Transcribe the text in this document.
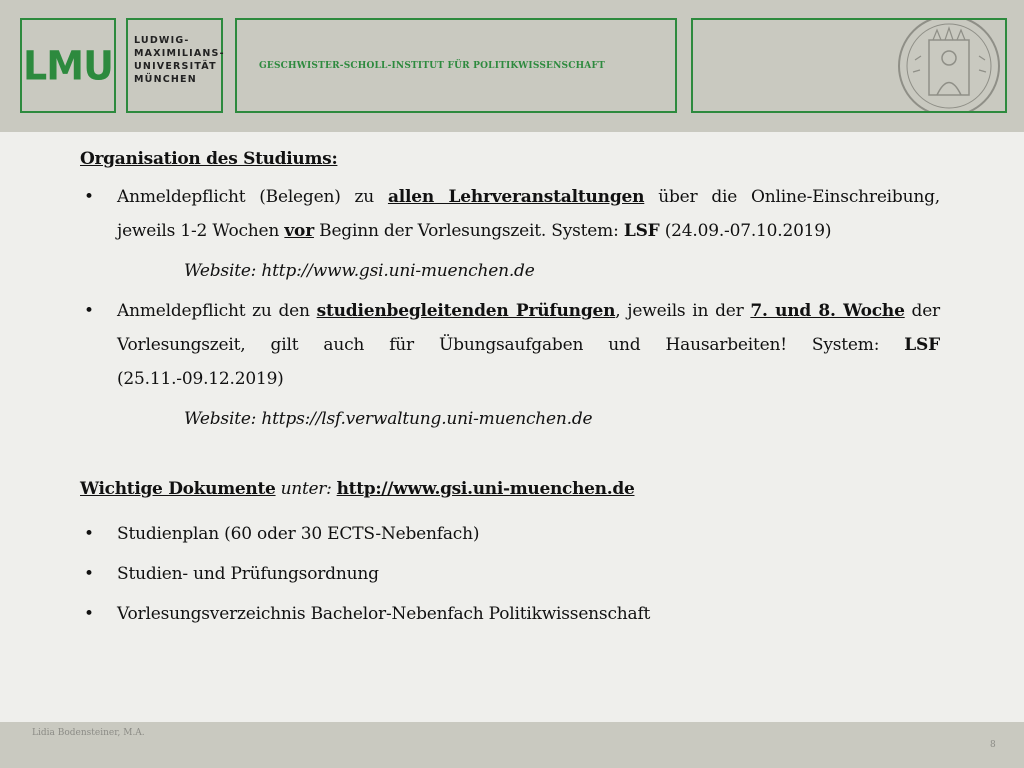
LMU
LUDWIG-
MAXIMILIANS-
UNIVERSITÄT
MÜNCHEN
GESCHWISTER-SCHOLL-INSTITUT FÜR POLITIKWISSENSCHAFT
Organisation des Studiums:
• Anmeldepflicht (Belegen) zu allen Lehrveranstaltungen über die Online-Einschreibung, jeweils 1-2 Wochen vor Beginn der Vorlesungszeit. System: LSF (24.09.-07.10.2019)
Website: http://www.gsi.uni-muenchen.de
• Anmeldepflicht zu den studienbegleitenden Prüfungen, jeweils in der 7. und 8. Woche der Vorlesungszeit, gilt auch für Übungsaufgaben und Hausarbeiten! System: LSF (25.11.-09.12.2019)
Website: https://lsf.verwaltung.uni-muenchen.de
Wichtige Dokumente unter: http://www.gsi.uni-muenchen.de
• Studienplan (60 oder 30 ECTS-Nebenfach)
• Studien- und Prüfungsordnung
• Vorlesungsverzeichnis Bachelor-Nebenfach Politikwissenschaft
Lidia Bodensteiner, M.A.
8
